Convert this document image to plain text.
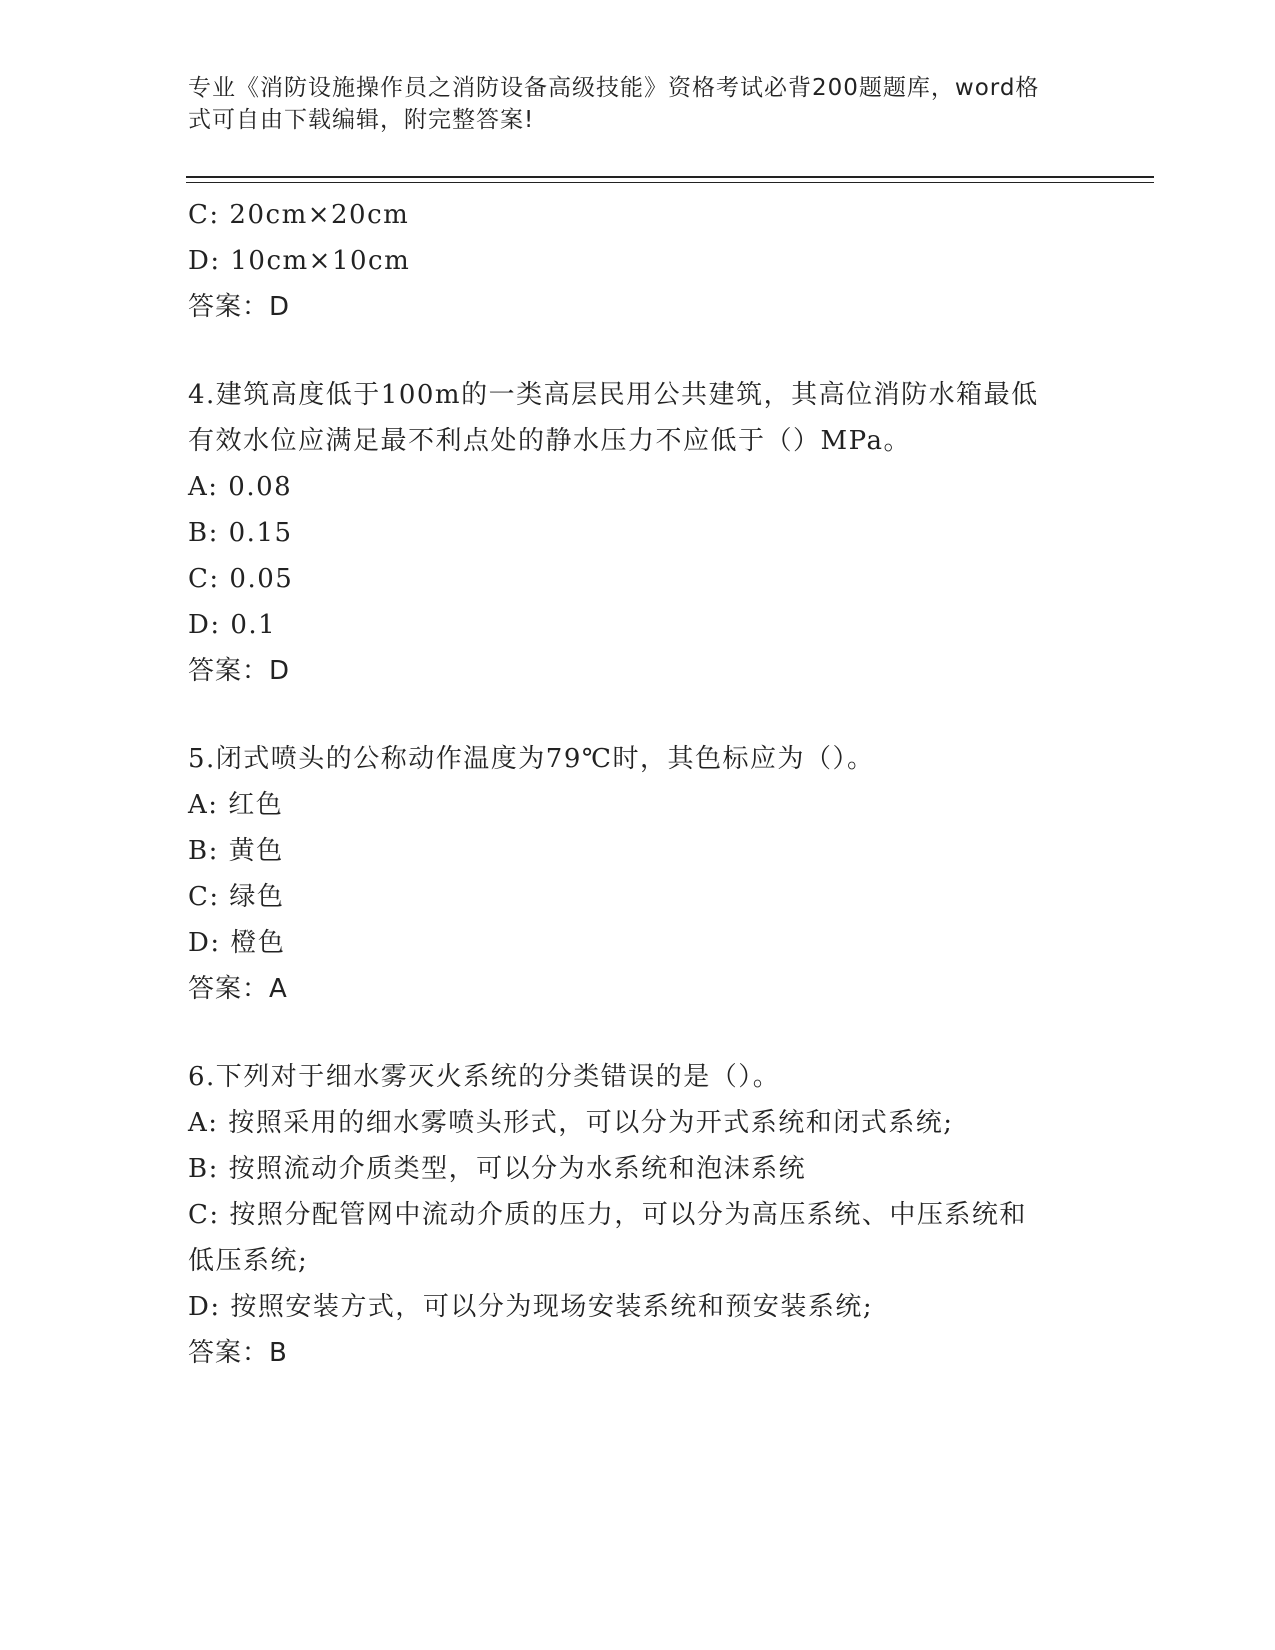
专业《消防设施操作员之消防设备高级技能》资格考试必背200题题库，word格
式可自由下载编辑，附完整答案!
C: 20cm×20cm
D: 10cm×10cm
答案：D
4.建筑高度低于100m的一类高层民用公共建筑，其高位消防水箱最低
有效水位应满足最不利点处的静水压力不应低于（）MPa。
A: 0.08
B: 0.15
C: 0.05
D: 0.1
答案：D
5.闭式喷头的公称动作温度为79℃时，其色标应为（）。
A: 红色
B: 黄色
C: 绿色
D: 橙色
答案：A
6.下列对于细水雾灭火系统的分类错误的是（）。
A: 按照采用的细水雾喷头形式，可以分为开式系统和闭式系统;
B: 按照流动介质类型，可以分为水系统和泡沫系统
C: 按照分配管网中流动介质的压力，可以分为高压系统、中压系统和
低压系统;
D: 按照安装方式，可以分为现场安装系统和预安装系统;
答案：B
